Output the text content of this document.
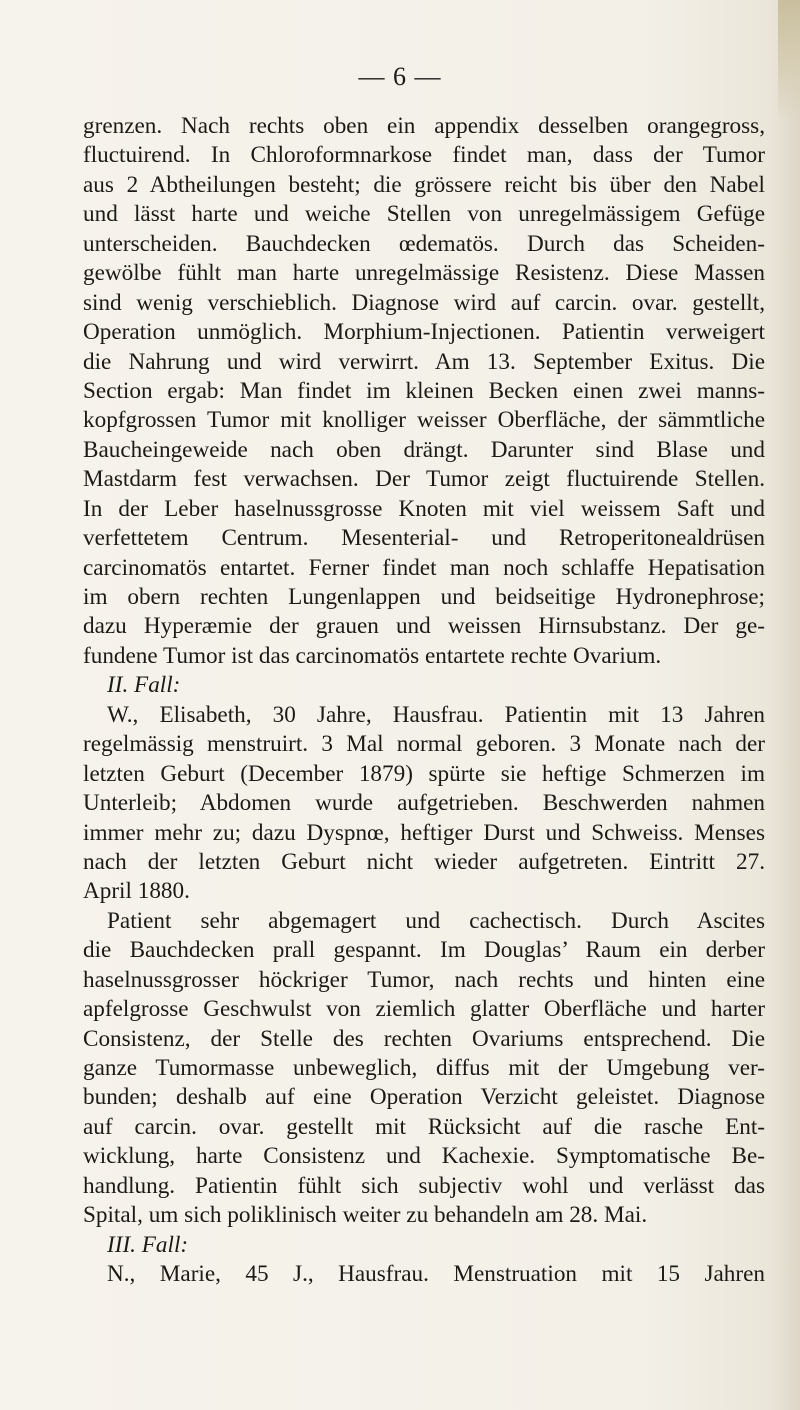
— 6 —
grenzen. Nach rechts oben ein appendix desselben orangegross,
fluctuirend. In Chloroformnarkose findet man, dass der Tumor
aus 2 Abtheilungen besteht; die grössere reicht bis über den Nabel
und lässt harte und weiche Stellen von unregelmässigem Gefüge
unterscheiden. Bauchdecken œdematös. Durch das Scheiden-
gewölbe fühlt man harte unregelmässige Resistenz. Diese Massen
sind wenig verschieblich. Diagnose wird auf carcin. ovar. gestellt,
Operation unmöglich. Morphium-Injectionen. Patientin verweigert
die Nahrung und wird verwirrt. Am 13. September Exitus. Die
Section ergab: Man findet im kleinen Becken einen zwei manns-
kopfgrossen Tumor mit knolliger weisser Oberfläche, der sämmtliche
Baucheingeweide nach oben drängt. Darunter sind Blase und
Mastdarm fest verwachsen. Der Tumor zeigt fluctuirende Stellen.
In der Leber haselnussgrosse Knoten mit viel weissem Saft und
verfettetem Centrum. Mesenterial- und Retroperitonealdrüsen
carcinomatös entartet. Ferner findet man noch schlaffe Hepatisation
im obern rechten Lungenlappen und beidseitige Hydronephrose;
dazu Hyperæmie der grauen und weissen Hirnsubstanz. Der ge-
fundene Tumor ist das carcinomatös entartete rechte Ovarium.
II. Fall:
W., Elisabeth, 30 Jahre, Hausfrau. Patientin mit 13 Jahren
regelmässig menstruirt. 3 Mal normal geboren. 3 Monate nach der
letzten Geburt (December 1879) spürte sie heftige Schmerzen im
Unterleib; Abdomen wurde aufgetrieben. Beschwerden nahmen
immer mehr zu; dazu Dyspnœ, heftiger Durst und Schweiss. Menses
nach der letzten Geburt nicht wieder aufgetreten. Eintritt 27.
April 1880.
Patient sehr abgemagert und cachectisch. Durch Ascites
die Bauchdecken prall gespannt. Im Douglas’ Raum ein derber
haselnussgrosser höckriger Tumor, nach rechts und hinten eine
apfelgrosse Geschwulst von ziemlich glatter Oberfläche und harter
Consistenz, der Stelle des rechten Ovariums entsprechend. Die
ganze Tumormasse unbeweglich, diffus mit der Umgebung ver-
bunden; deshalb auf eine Operation Verzicht geleistet. Diagnose
auf carcin. ovar. gestellt mit Rücksicht auf die rasche Ent-
wicklung, harte Consistenz und Kachexie. Symptomatische Be-
handlung. Patientin fühlt sich subjectiv wohl und verlässt das
Spital, um sich poliklinisch weiter zu behandeln am 28. Mai.
III. Fall:
N., Marie, 45 J., Hausfrau. Menstruation mit 15 Jahren
